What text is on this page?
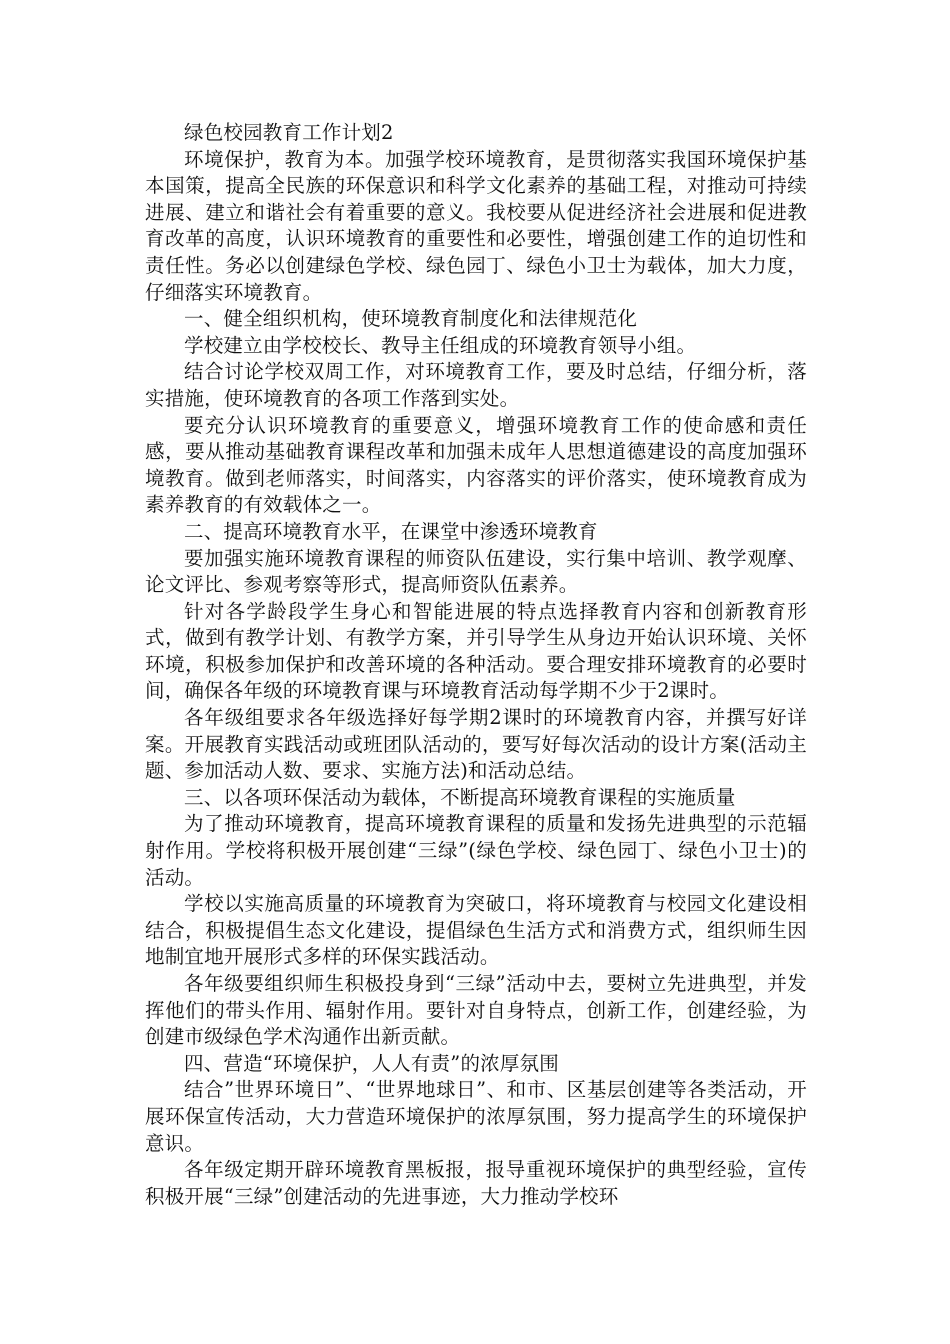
绿色校园教育工作计划2

环境保护，教育为本。加强学校环境教育，是贯彻落实我国环境保护基本国策，提高全民族的环保意识和科学文化素养的基础工程，对推动可持续进展、建立和谐社会有着重要的意义。我校要从促进经济社会进展和促进教育改革的高度，认识环境教育的重要性和必要性，增强创建工作的迫切性和责任性。务必以创建绿色学校、绿色园丁、绿色小卫士为载体，加大力度，仔细落实环境教育。

一、健全组织机构，使环境教育制度化和法律规范化

学校建立由学校校长、教导主任组成的环境教育领导小组。

结合讨论学校双周工作，对环境教育工作，要及时总结，仔细分析，落实措施，使环境教育的各项工作落到实处。

要充分认识环境教育的重要意义，增强环境教育工作的使命感和责任感，要从推动基础教育课程改革和加强未成年人思想道德建设的高度加强环境教育。做到老师落实，时间落实，内容落实的评价落实，使环境教育成为素养教育的有效载体之一。

二、提高环境教育水平，在课堂中渗透环境教育

要加强实施环境教育课程的师资队伍建设，实行集中培训、教学观摩、论文评比、参观考察等形式，提高师资队伍素养。

针对各学龄段学生身心和智能进展的特点选择教育内容和创新教育形式，做到有教学计划、有教学方案，并引导学生从身边开始认识环境、关怀环境，积极参加保护和改善环境的各种活动。要合理安排环境教育的必要时间，确保各年级的环境教育课与环境教育活动每学期不少于2课时。

各年级组要求各年级选择好每学期2课时的环境教育内容，并撰写好详案。开展教育实践活动或班团队活动的，要写好每次活动的设计方案(活动主题、参加活动人数、要求、实施方法)和活动总结。

三、以各项环保活动为载体，不断提高环境教育课程的实施质量

为了推动环境教育，提高环境教育课程的质量和发扬先进典型的示范辐射作用。学校将积极开展创建“三绿”(绿色学校、绿色园丁、绿色小卫士)的活动。

学校以实施高质量的环境教育为突破口，将环境教育与校园文化建设相结合，积极提倡生态文化建设，提倡绿色生活方式和消费方式，组织师生因地制宜地开展形式多样的环保实践活动。

各年级要组织师生积极投身到“三绿”活动中去，要树立先进典型，并发挥他们的带头作用、辐射作用。要针对自身特点，创新工作，创建经验，为创建市级绿色学术沟通作出新贡献。

四、营造“环境保护，人人有责”的浓厚氛围

结合”世界环境日”、“世界地球日”、和市、区基层创建等各类活动，开展环保宣传活动，大力营造环境保护的浓厚氛围，努力提高学生的环境保护意识。

各年级定期开辟环境教育黑板报，报导重视环境保护的典型经验，宣传积极开展“三绿”创建活动的先进事迹，大力推动学校环
